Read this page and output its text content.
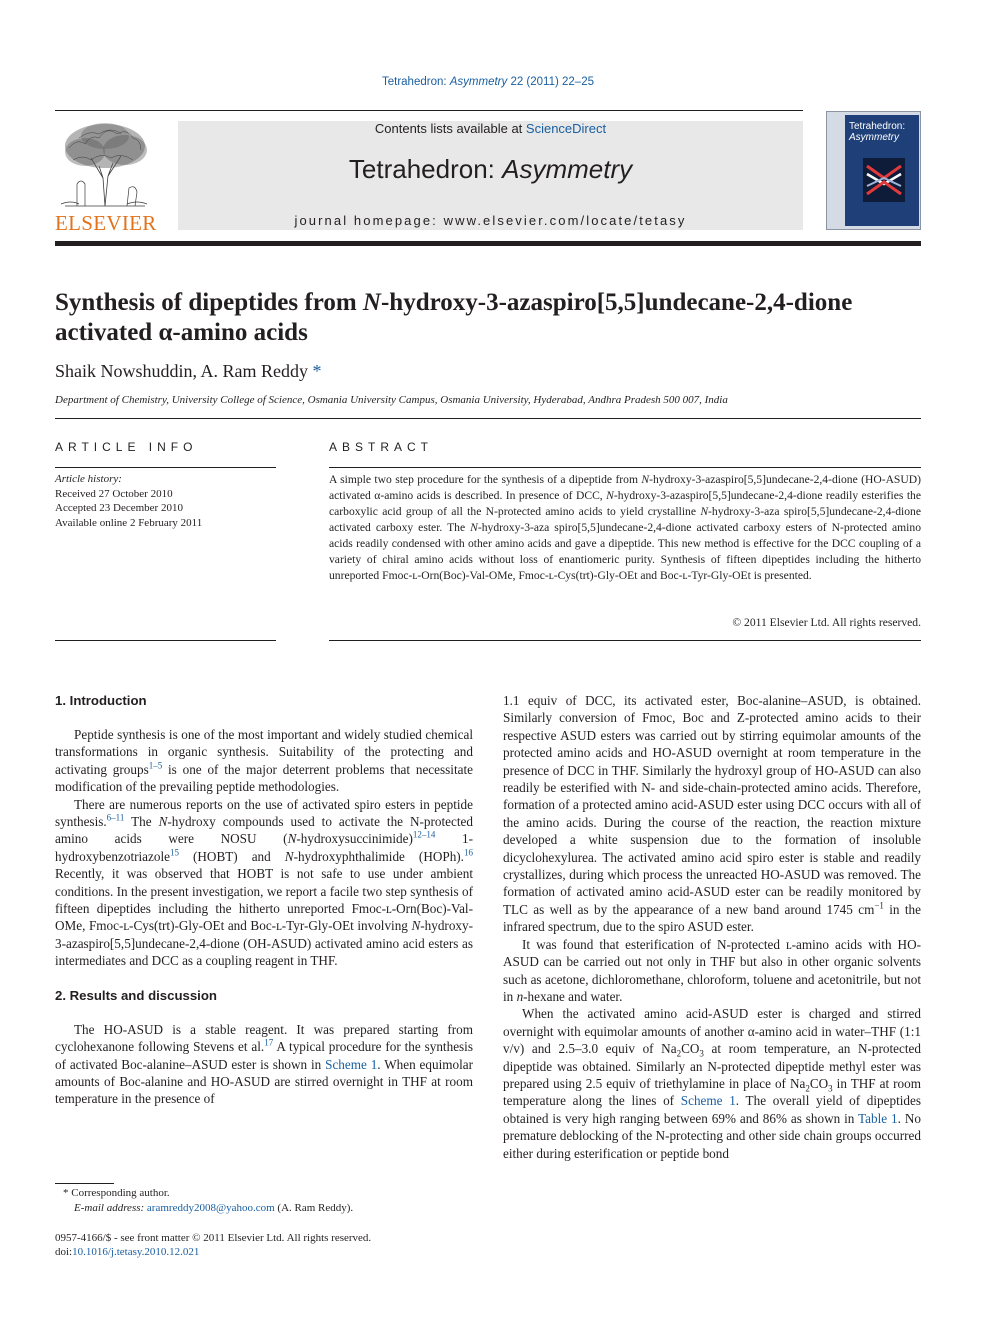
Tetrahedron: Asymmetry 22 (2011) 22–25
ELSEVIER
Contents lists available at ScienceDirect
Tetrahedron: Asymmetry
journal homepage: www.elsevier.com/locate/tetasy
Tetrahedron:
Asymmetry
Synthesis of dipeptides from N-hydroxy-3-azaspiro[5,5]undecane-2,4-dione
activated α-amino acids
Shaik Nowshuddin, A. Ram Reddy *
Department of Chemistry, University College of Science, Osmania University Campus, Osmania University, Hyderabad, Andhra Pradesh 500 007, India
ARTICLE INFO	ABSTRACT
Article history:
Received 27 October 2010
Accepted 23 December 2010
Available online 2 February 2011
A simple two step procedure for the synthesis of a dipeptide from N-hydroxy-3-azaspiro[5,5]undecane-2,4-dione (HO-ASUD) activated α-amino acids is described. In presence of DCC, N-hydroxy-3-azaspiro[5,5]undecane-2,4-dione readily esterifies the carboxylic acid group of all the N-protected amino acids to yield crystalline N-hydroxy-3-aza spiro[5,5]undecane-2,4-dione activated carboxy ester. The N-hydroxy-3-aza spiro[5,5]undecane-2,4-dione activated carboxy esters of N-protected amino acids readily condensed with other amino acids and gave a dipeptide. This new method is effective for the DCC coupling of a variety of chiral amino acids without loss of enantiomeric purity. Synthesis of fifteen dipeptides including the hitherto unreported Fmoc-ʟ-Orn(Boc)-Val-OMe, Fmoc-ʟ-Cys(trt)-Gly-OEt and Boc-ʟ-Tyr-Gly-OEt is presented.
© 2011 Elsevier Ltd. All rights reserved.
1. Introduction

Peptide synthesis is one of the most important and widely studied chemical transformations in organic synthesis. Suitability of the protecting and activating groups$^{1-5}$ is one of the major deterrent problems that necessitate modification of the prevailing peptide methodologies.

There are numerous reports on the use of activated spiro esters in peptide synthesis.$^{6-11}$ The N-hydroxy compounds used to activate the N-protected amino acids were NOSU (N-hydroxysuccinimide)$^{12-14}$ 1-hydroxybenzotriazole$^{15}$ (HOBT) and N-hydroxyphthalimide (HOPh).$^{16}$ Recently, it was observed that HOBT is not safe to use under ambient conditions. In the present investigation, we report a facile two step synthesis of fifteen dipeptides including the hitherto unreported Fmoc-ʟ-Orn(Boc)-Val-OMe, Fmoc-ʟ-Cys(trt)-Gly-OEt and Boc-ʟ-Tyr-Gly-OEt involving N-hydroxy-3-azaspiro[5,5]undecane-2,4-dione (OH-ASUD) activated amino acid esters as intermediates and DCC as a coupling reagent in THF.

2. Results and discussion

The HO-ASUD is a stable reagent. It was prepared starting from cyclohexanone following Stevens et al.$^{17}$ A typical procedure for the synthesis of activated Boc-alanine–ASUD ester is shown in Scheme 1. When equimolar amounts of Boc-alanine and HO-ASUD are stirred overnight in THF at room temperature in the presence of

1.1 equiv of DCC, its activated ester, Boc-alanine–ASUD, is obtained. Similarly conversion of Fmoc, Boc and Z-protected amino acids to their respective ASUD esters was carried out by stirring equimolar amounts of the protected amino acids and HO-ASUD overnight at room temperature in the presence of DCC in THF. Similarly the hydroxyl group of HO-ASUD can also readily be esterified with N- and side-chain-protected amino acids. Therefore, formation of a protected amino acid-ASUD ester using DCC occurs with all of the amino acids. During the course of the reaction, the reaction mixture developed a white suspension due to the formation of insoluble dicyclohexylurea. The activated amino acid spiro ester is stable and readily crystallizes, during which process the unreacted HO-ASUD was removed. The formation of activated amino acid-ASUD ester can be readily monitored by TLC as well as by the appearance of a new band around 1745 $cm^{-1}$ in the infrared spectrum, due to the spiro ASUD ester.

It was found that esterification of N-protected ʟ-amino acids with HO-ASUD can be carried out not only in THF but also in other organic solvents such as acetone, dichloromethane, chloroform, toluene and acetonitrile, but not in n-hexane and water.

When the activated amino acid-ASUD ester is charged and stirred overnight with equimolar amounts of another α-amino acid in water–THF (1:1 v/v) and 2.5–3.0 equiv of $Na_2CO_3$ at room temperature, an N-protected dipeptide was obtained. Similarly an N-protected dipeptide methyl ester was prepared using 2.5 equiv of triethylamine in place of $Na_2CO_3$ in THF at room temperature along the lines of Scheme 1. The overall yield of dipeptides obtained is very high ranging between 69% and 86% as shown in Table 1. No premature deblocking of the N-protecting and other side chain groups occurred either during esterification or peptide bond

* Corresponding author.
E-mail address: aramreddy2008@yahoo.com (A. Ram Reddy).
0957-4166/$ - see front matter © 2011 Elsevier Ltd. All rights reserved.
doi:10.1016/j.tetasy.2010.12.021
